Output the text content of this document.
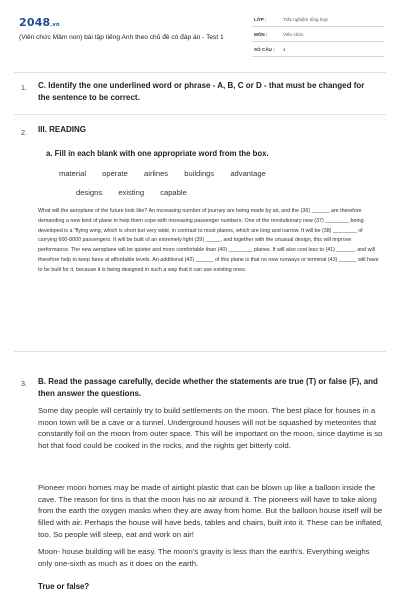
2048.vn
(Viên chức Mầm non) bài tập tiếng Anh theo chủ đề có đáp án - Test 1
LỚP :	Trắc nghiệm tổng hợp
MÔN :	Viên chức
SỐ CÂU : 4
1. C. Identify the one underlined word or phrase - A, B, C or D - that must be changed for the sentence to be correct.
2. III. READING
a. Fill in each blank with one appropriate word from the box.
material operate airlines buildings advantage
designs existing capable
What will the aeroplane of the future look like? An increasing number of journey are being made by air, and the (36) ______ are therefore demanding a new kind of plane to help them cope with increasing passenger numbers. One of the revolutionary new (37) ________ being developed is a “flying wing, which is short but very wide, in contrast to most planes, which are long and narrow. It will be (38) ________ of carrying 600-8000 passengers. It will be built of an extremely light (39) _____, and together with the unusual design, this will improve performance. The new aeroplane will be quieter and more comfortable than (40) ________ planes. It will also cost less to (41) ______, and will therefore help to keep fares at affordable levels. An additional (42) ______ of this plane is that no new runways or terminal (43) ______ will have to be built for it, because it is being designed in such a way that it can use existing ones.
3. B. Read the passage carefully, decide whether the statements are true (T) or false (F), and then answer the questions.
Some day people will certainly try to build settlements on the moon. The best place for houses in a moon town will be a cave or a tunnel. Underground houses will not be squashed by meteorites that constantly foil on the moon from outer space. This will be important on the moon, since daytime is so hot that food could be cooked in the rocks, and the nights get bitterly cold.
Pioneer moon homes may be made of airtight plastic that can be blown up like a balloon inside the cave. The reason for tins is that the moon has no air around it. The pioneers will have to take along from the earth the oxygen masks when they are away from home. But the balloon house itself will be filled with air. Perhaps the house will have beds, tables and chairs, built into it. These can be inflated, too. So people will sleep, eat and work on air!
Moon- house building will be easy. The moon’s gravity is less than the earth’s. Everything weighs only one-sixth as much as it does on the earth.
True or false?
